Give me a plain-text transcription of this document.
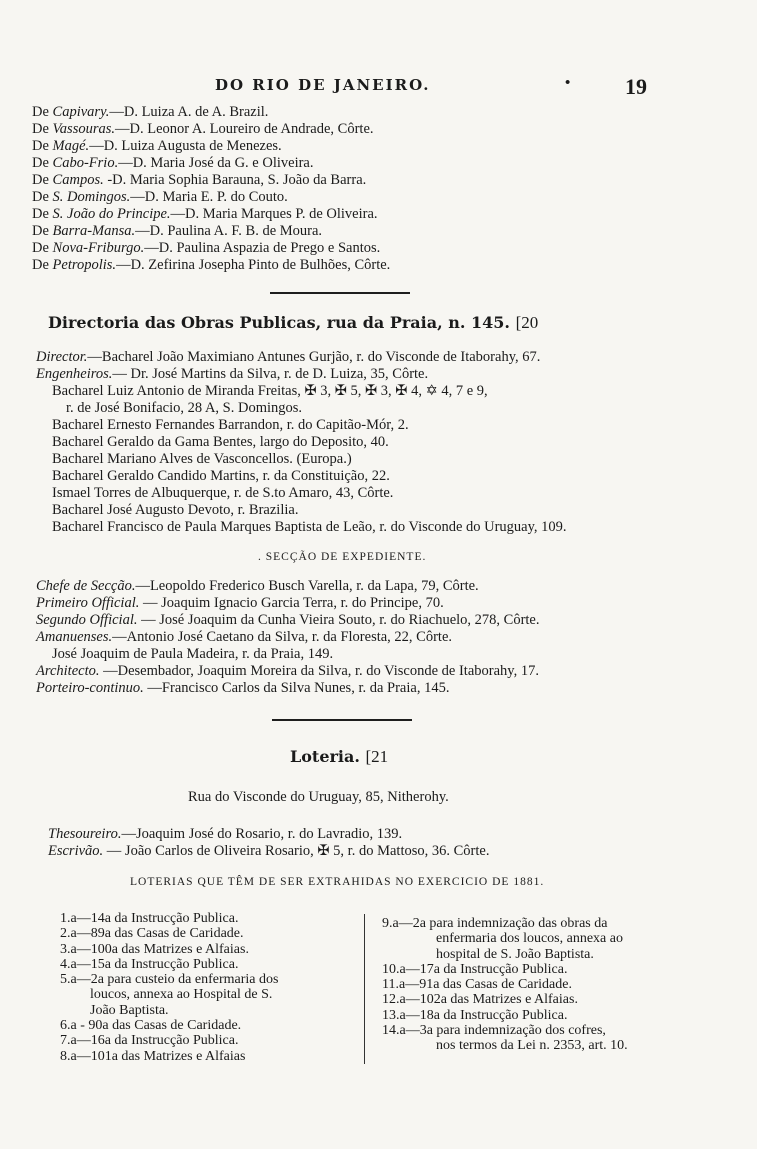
DO RIO DE JANEIRO.	• 19
De Capivary.—D. Luiza A. de A. Brazil.
De Vassouras.—D. Leonor A. Loureiro de Andrade, Côrte.
De Magé.—D. Luiza Augusta de Menezes.
De Cabo-Frio.—D. Maria José da G. e Oliveira.
De Campos. -D. Maria Sophia Barauna, S. João da Barra.
De S. Domingos.—D. Maria E. P. do Couto.
De S. João do Principe.—D. Maria Marques P. de Oliveira.
De Barra-Mansa.—D. Paulina A. F. B. de Moura.
De Nova-Friburgo.—D. Paulina Aspazia de Prego e Santos.
De Petropolis.—D. Zefirina Josepha Pinto de Bulhões, Côrte.
Directoria das Obras Publicas, rua da Praia, n. 145. [20
Director.—Bacharel João Maximiano Antunes Gurjão, r. do Visconde de Itaborahy, 67.
Engenheiros.— Dr. José Martins da Silva, r. de D. Luiza, 35, Côrte.
Bacharel Luiz Antonio de Miranda Freitas, ✠ 3, ✠ 5, ✠ 3, ✠ 4, ✡ 4, 7 e 9,
r. de José Bonifacio, 28 A, S. Domingos.
Bacharel Ernesto Fernandes Barrandon, r. do Capitão-Mór, 2.
Bacharel Geraldo da Gama Bentes, largo do Deposito, 40.
Bacharel Mariano Alves de Vasconcellos. (Europa.)
Bacharel Geraldo Candido Martins, r. da Constituição, 22.
Ismael Torres de Albuquerque, r. de S.to Amaro, 43, Côrte.
Bacharel José Augusto Devoto, r. Brazilia.
Bacharel Francisco de Paula Marques Baptista de Leão, r. do Visconde do Uruguay, 109.
. SECÇÃO DE EXPEDIENTE.
Chefe de Secção.—Leopoldo Frederico Busch Varella, r. da Lapa, 79, Côrte.
Primeiro Official. — Joaquim Ignacio Garcia Terra, r. do Principe, 70.
Segundo Official. — José Joaquim da Cunha Vieira Souto, r. do Riachuelo, 278, Côrte.
Amanuenses.—Antonio José Caetano da Silva, r. da Floresta, 22, Côrte.
José Joaquim de Paula Madeira, r. da Praia, 149.
Architecto. —Desembador, Joaquim Moreira da Silva, r. do Visconde de Itaborahy, 17.
Porteiro-continuo. —Francisco Carlos da Silva Nunes, r. da Praia, 145.
Loteria. [21
Rua do Visconde do Uruguay, 85, Nitherohy.
Thesoureiro.—Joaquim José do Rosario, r. do Lavradio, 139.
Escrivão. — João Carlos de Oliveira Rosario, ✠ 5, r. do Mattoso, 36. Côrte.
LOTERIAS QUE TÊM DE SER EXTRAHIDAS NO EXERCICIO DE 1881.
1.a—14a da Instrucção Publica.
2.a—89a das Casas de Caridade.
3.a—100a das Matrizes e Alfaias.
4.a—15a da Instrucção Publica.
5.a—2a para custeio da enfermaria dos
loucos, annexa ao Hospital de S.
João Baptista.
6.a - 90a das Casas de Caridade.
7.a—16a da Instrucção Publica.
8.a—101a das Matrizes e Alfaias
9.a—2a para indemnização das obras da
enfermaria dos loucos, annexa ao
hospital de S. João Baptista.
10.a—17a da Instrucção Publica.
11.a—91a das Casas de Caridade.
12.a—102a das Matrizes e Alfaias.
13.a—18a da Instrucção Publica.
14.a—3a para indemnização dos cofres,
nos termos da Lei n. 2353, art. 10.
